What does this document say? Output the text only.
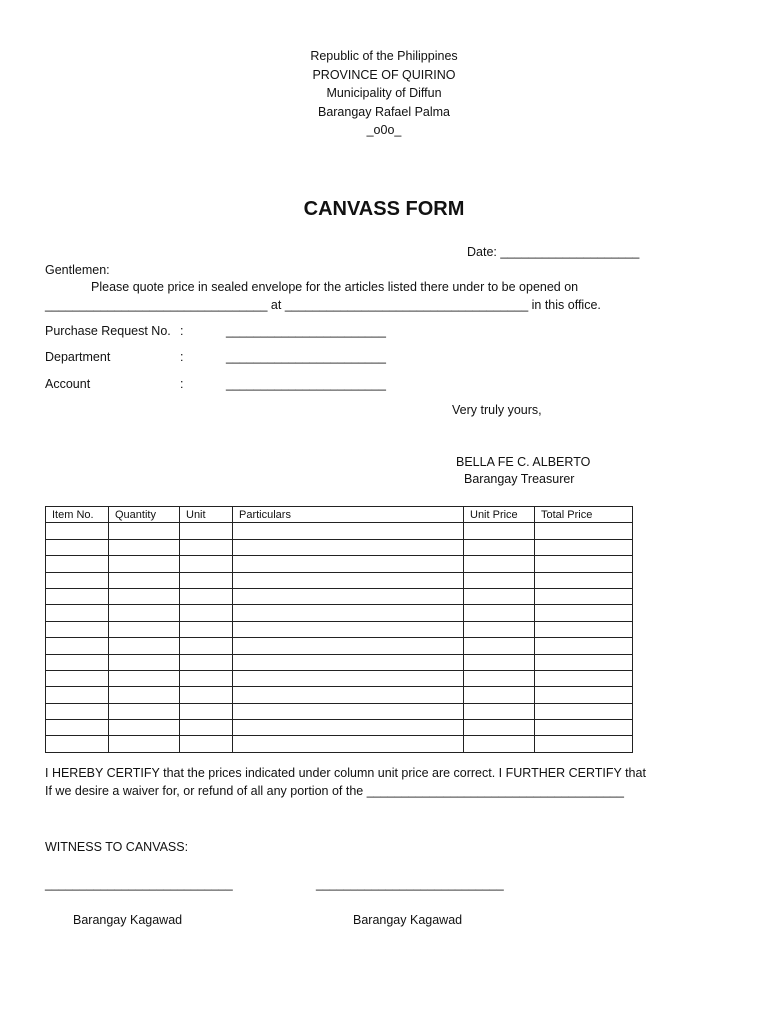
Republic of the Philippines
PROVINCE OF QUIRINO
Municipality of Diffun
Barangay Rafael Palma
_o0o_
CANVASS FORM
Date: ____________________
Gentlemen:
Please quote price in sealed envelope for the articles listed there under to be opened on
________________________________ at ___________________________________ in this office.
Purchase Request No. :	_______________________
Department	:	_______________________
Account	:	_______________________
Very truly yours,
BELLA FE C. ALBERTO
Barangay Treasurer
Item No.	Quantity	Unit	Particulars	Unit Price	Total Price

I HEREBY CERTIFY that the prices indicated under column unit price are correct. I FURTHER CERTIFY that
If we desire a waiver for, or refund of all any portion of the _____________________________________
WITNESS TO CANVASS:
___________________________	___________________________
Barangay Kagawad	Barangay Kagawad
